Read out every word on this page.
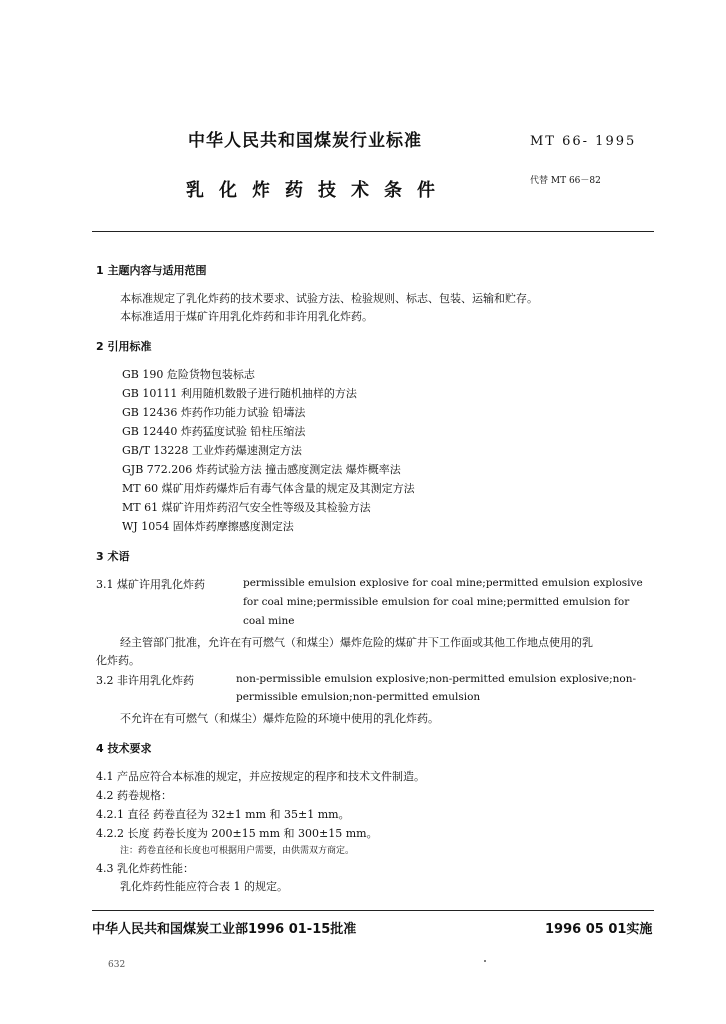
中华人民共和国煤炭行业标准	MT 66- 1995
乳化炸药技术条件	代替 MT 66－82
1 主题内容与适用范围
本标准规定了乳化炸药的技术要求、试验方法、检验规则、标志、包装、运输和贮存。
本标准适用于煤矿许用乳化炸药和非许用乳化炸药。
2 引用标准
GB 190 危险货物包装标志
GB 10111 利用随机数骰子进行随机抽样的方法
GB 12436 炸药作功能力试验 铅壔法
GB 12440 炸药猛度试验 铅柱压缩法
GB/T 13228 工业炸药爆速测定方法
GJB 772.206 炸药试验方法 撞击感度测定法 爆炸概率法
MT 60 煤矿用炸药爆炸后有毒气体含量的规定及其测定方法
MT 61 煤矿许用炸药沼气安全性等级及其检验方法
WJ 1054 固体炸药摩擦感度测定法
3 术语
3.1 煤矿许用乳化炸药	permissible emulsion explosive for coal mine;permitted emulsion explosive
for coal mine;permissible emulsion for coal mine;permitted emulsion for
coal mine
经主管部门批准，允许在有可燃气（和煤尘）爆炸危险的煤矿井下工作面或其他工作地点使用的乳
化炸药。
3.2 非许用乳化炸药	non-permissible emulsion explosive;non-permitted emulsion explosive;non-
permissible emulsion;non-permitted emulsion
不允许在有可燃气（和煤尘）爆炸危险的环境中使用的乳化炸药。
4 技术要求
4.1 产品应符合本标准的规定，并应按规定的程序和技术文件制造。
4.2 药卷规格：
4.2.1 直径 药卷直径为 32±1 mm 和 35±1 mm。
4.2.2 长度 药卷长度为 200±15 mm 和 300±15 mm。
注：药卷直径和长度也可根据用户需要，由供需双方商定。
4.3 乳化炸药性能：
乳化炸药性能应符合表 1 的规定。
中华人民共和国煤炭工业部1996 01-15批准	1996 05 01实施
632
